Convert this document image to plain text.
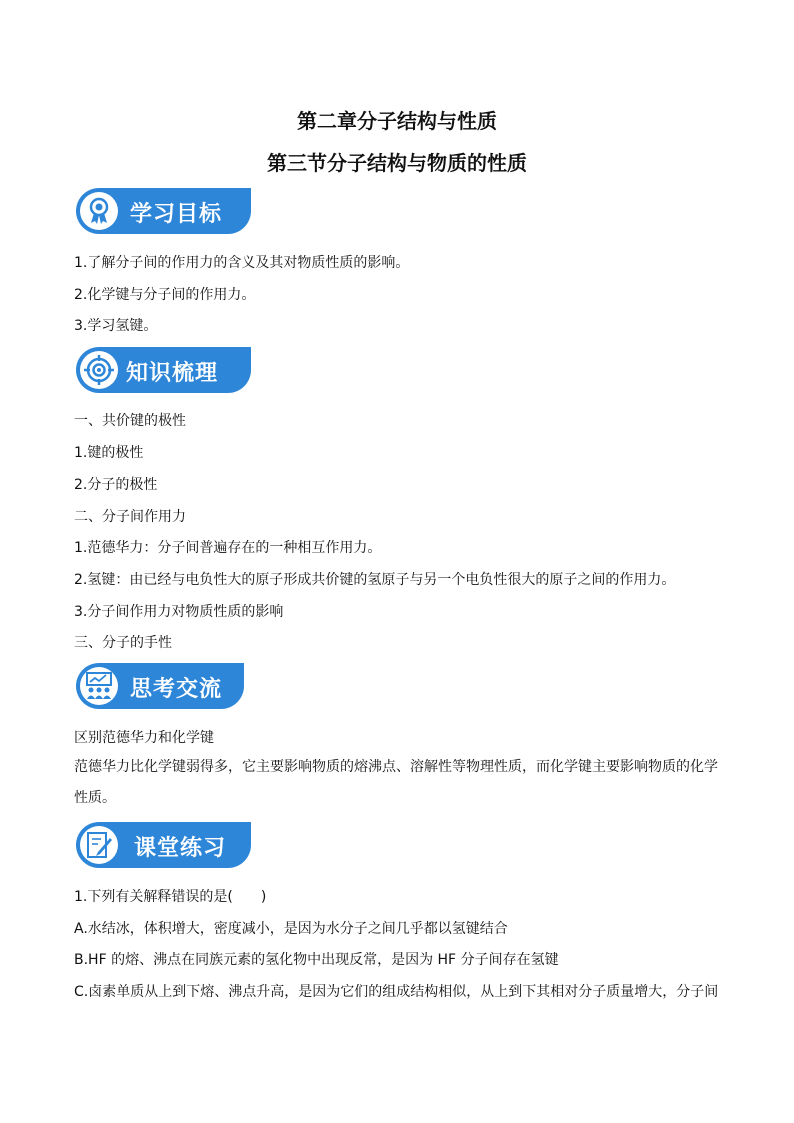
第二章分子结构与性质
第三节分子结构与物质的性质
学习目标
1.了解分子间的作用力的含义及其对物质性质的影响。
2.化学键与分子间的作用力。
3.学习氢键。
知识梳理
一、共价键的极性
1.键的极性
2.分子的极性
二、分子间作用力
1.范德华力：分子间普遍存在的一种相互作用力。
2.氢键：由已经与电负性大的原子形成共价键的氢原子与另一个电负性很大的原子之间的作用力。
3.分子间作用力对物质性质的影响
三、分子的手性
思考交流
区别范德华力和化学键
范德华力比化学键弱得多，它主要影响物质的熔沸点、溶解性等物理性质，而化学键主要影响物质的化学性质。
课堂练习
1.下列有关解释错误的是(　　)
A.水结冰，体积增大，密度减小，是因为水分子之间几乎都以氢键结合
B.HF 的熔、沸点在同族元素的氢化物中出现反常，是因为 HF 分子间存在氢键
C.卤素单质从上到下熔、沸点升高，是因为它们的组成结构相似，从上到下其相对分子质量增大，分子间
